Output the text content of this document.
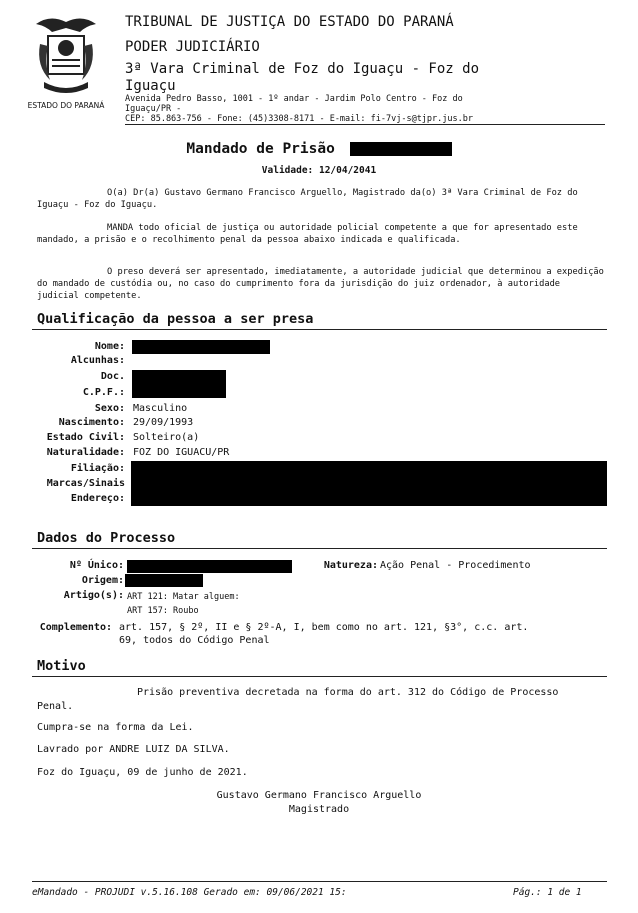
ESTADO DO PARANÁ
TRIBUNAL DE JUSTIÇA DO ESTADO DO PARANÁ
PODER JUDICIÁRIO
3ª Vara Criminal de Foz do Iguaçu - Foz do
Iguaçu
Avenida Pedro Basso, 1001 - 1º andar - Jardim Polo Centro - Foz do
Iguaçu/PR -
CEP: 85.863-756 - Fone: (45)3308-8171 - E-mail: fi-7vj-s@tjpr.jus.br
Mandado de Prisão
Validade: 12/04/2041
O(a) Dr(a) Gustavo Germano Francisco Arguello, Magistrado da(o) 3ª Vara Criminal de Foz do Iguaçu - Foz do Iguaçu.
MANDA todo oficial de justiça ou autoridade policial competente a que for apresentado este mandado, a prisão e o recolhimento penal da pessoa abaixo indicada e qualificada.
O preso deverá ser apresentado, imediatamente, a autoridade judicial que determinou a expedição do mandado de custódia ou, no caso do cumprimento fora da jurisdição do juiz ordenador, à autoridade judicial competente.
Qualificação da pessoa a ser presa
Nome:
Alcunhas:
Doc.
C.P.F.:
Sexo: Masculino
Nascimento: 29/09/1993
Estado Civil: Solteiro(a)
Naturalidade: FOZ DO IGUACU/PR
Filiação:
Marcas/Sinais
Endereço:
Dados do Processo
Nº Único:	Natureza: Ação Penal - Procedimento
Origem:
Artigo(s): ART 121: Matar alguem:
ART 157: Roubo
Complemento: art. 157, § 2º, II e § 2º-A, I, bem como no art. 121, §3°, c.c. art.
69, todos do Código Penal
Motivo
Prisão preventiva decretada na forma do art. 312 do Código de Processo
Penal.
Cumpra-se na forma da Lei.
Lavrado por ANDRE LUIZ DA SILVA.
Foz do Iguaçu, 09 de junho de 2021.
Gustavo Germano Francisco Arguello
Magistrado
eMandado - PROJUDI v.5.16.108 Gerado em: 09/06/2021 15:	Pág.: 1 de 1
